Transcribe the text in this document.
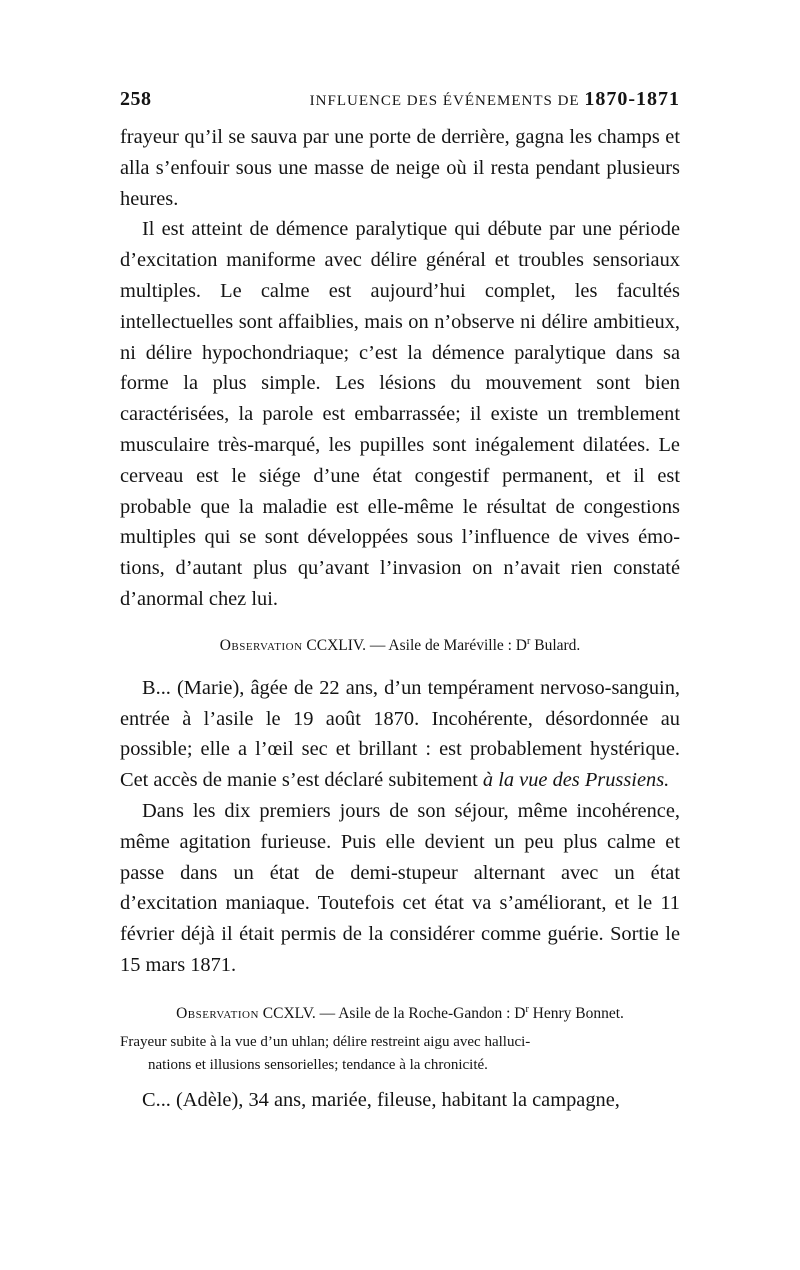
258	INFLUENCE DES ÉVÉNEMENTS DE 1870-1871

frayeur qu’il se sauva par une porte de derrière, gagna les champs et alla s’enfouir sous une masse de neige où il resta pendant plusieurs heures.

Il est atteint de démence paralytique qui débute par une période d’excitation maniforme avec délire général et troubles sensoriaux multiples. Le calme est aujourd’hui complet, les facultés intellectuelles sont affaiblies, mais on n’observe ni délire ambitieux, ni délire hypochondriaque; c’est la démence paralytique dans sa forme la plus simple. Les lésions du mouvement sont bien caractérisées, la parole est embarrassée; il existe un tremblement musculaire très-marqué, les pupilles sont inégalement dilatées. Le cerveau est le siége d’une état congestif permanent, et il est probable que la maladie est elle-même le résultat de congestions multiples qui se sont développées sous l’influence de vives émotions, d’autant plus qu’avant l’invasion on n’avait rien constaté d’anormal chez lui.

Observation CCXLIV. — Asile de Maréville : $D^r$ Bulard.

B... (Marie), âgée de 22 ans, d’un tempérament nervoso-sanguin, entrée à l’asile le 19 août 1870. Incohérente, désordonnée au possible; elle a l’œil sec et brillant : est probablement hystérique. Cet accès de manie s’est déclaré subitement à la vue des Prussiens.

Dans les dix premiers jours de son séjour, même incohérence, même agitation furieuse. Puis elle devient un peu plus calme et passe dans un état de demi-stupeur alternant avec un état d’excitation maniaque. Toutefois cet état va s’améliorant, et le 11 février déjà il était permis de la considérer comme guérie. Sortie le 15 mars 1871.

Observation CCXLV. — Asile de la Roche-Gandon : $D^r$ Henry Bonnet.

Frayeur subite à la vue d’un uhlan; délire restreint aigu avec halluci-
nations et illusions sensorielles; tendance à la chronicité.

C... (Adèle), 34 ans, mariée, fileuse, habitant la campagne,
